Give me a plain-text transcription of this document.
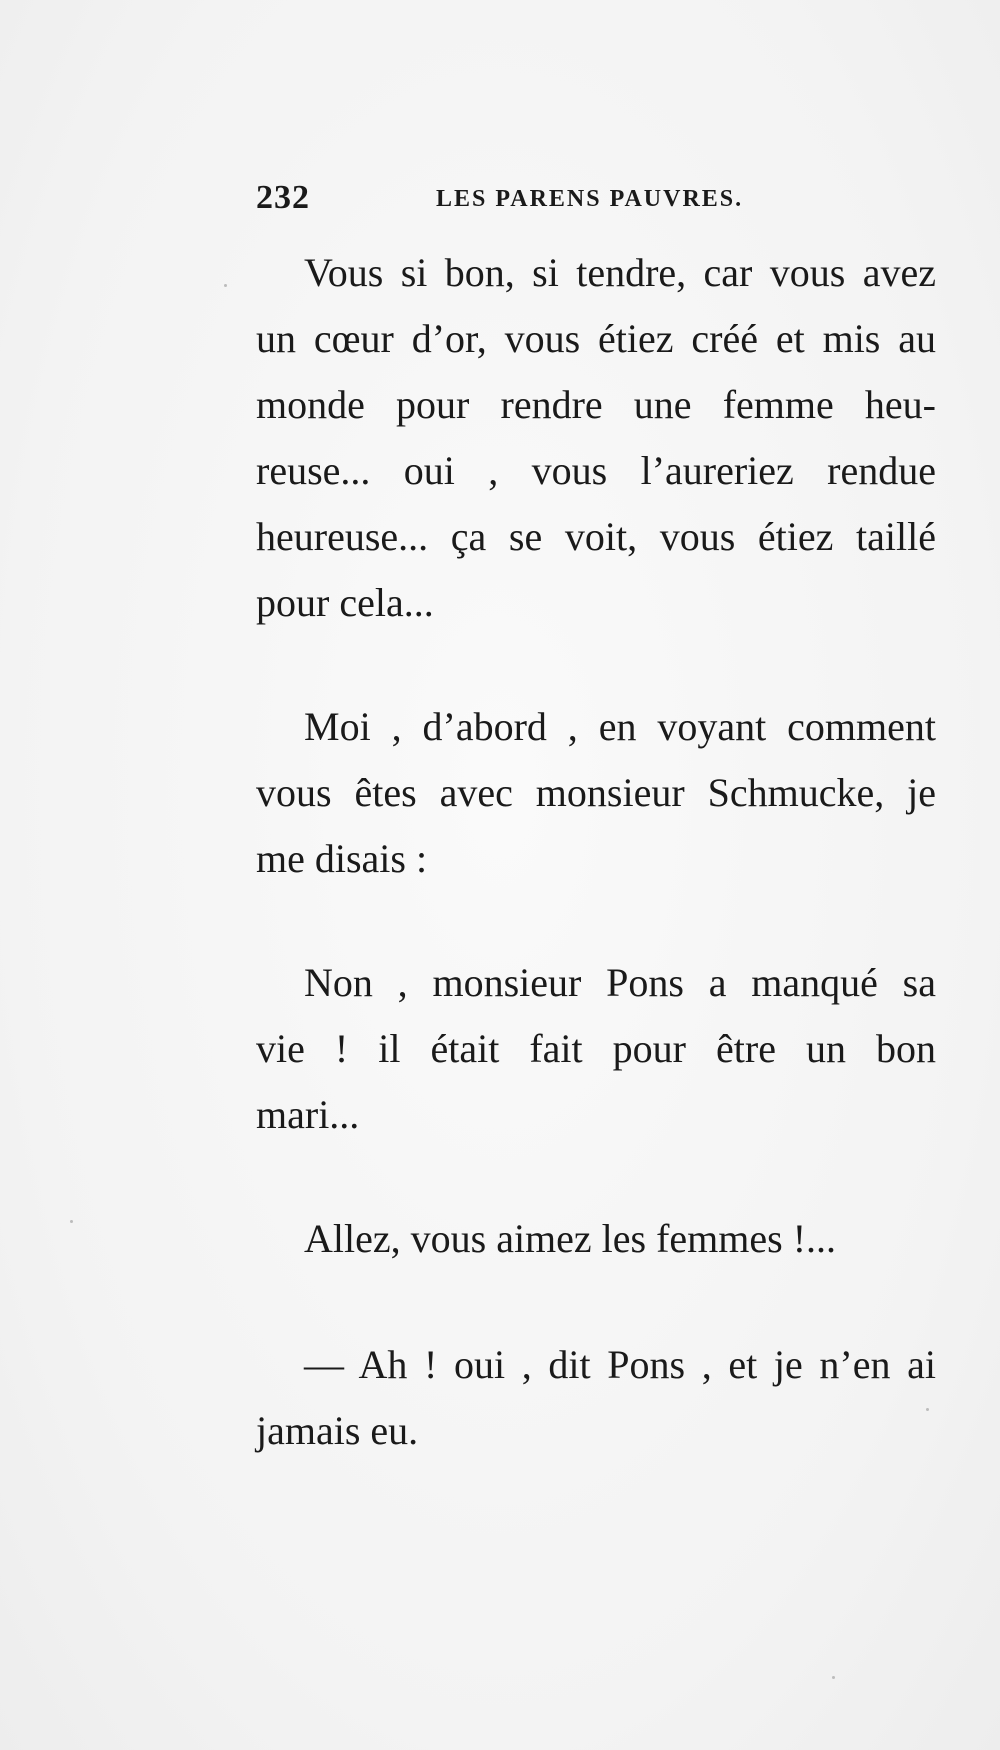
232	LES PARENS PAUVRES.
Vous si bon, si tendre, car vous avez
un cœur d’or, vous étiez créé et mis au
monde pour rendre une femme heu-
reuse... oui , vous l’aureriez rendue
heureuse... ça se voit, vous étiez taillé
pour cela...
Moi , d’abord , en voyant comment
vous êtes avec monsieur Schmucke, je
me disais :
Non , monsieur Pons a manqué sa
vie ! il était fait pour être un bon
mari...
Allez, vous aimez les femmes !...
— Ah ! oui , dit Pons , et je n’en ai
jamais eu.
